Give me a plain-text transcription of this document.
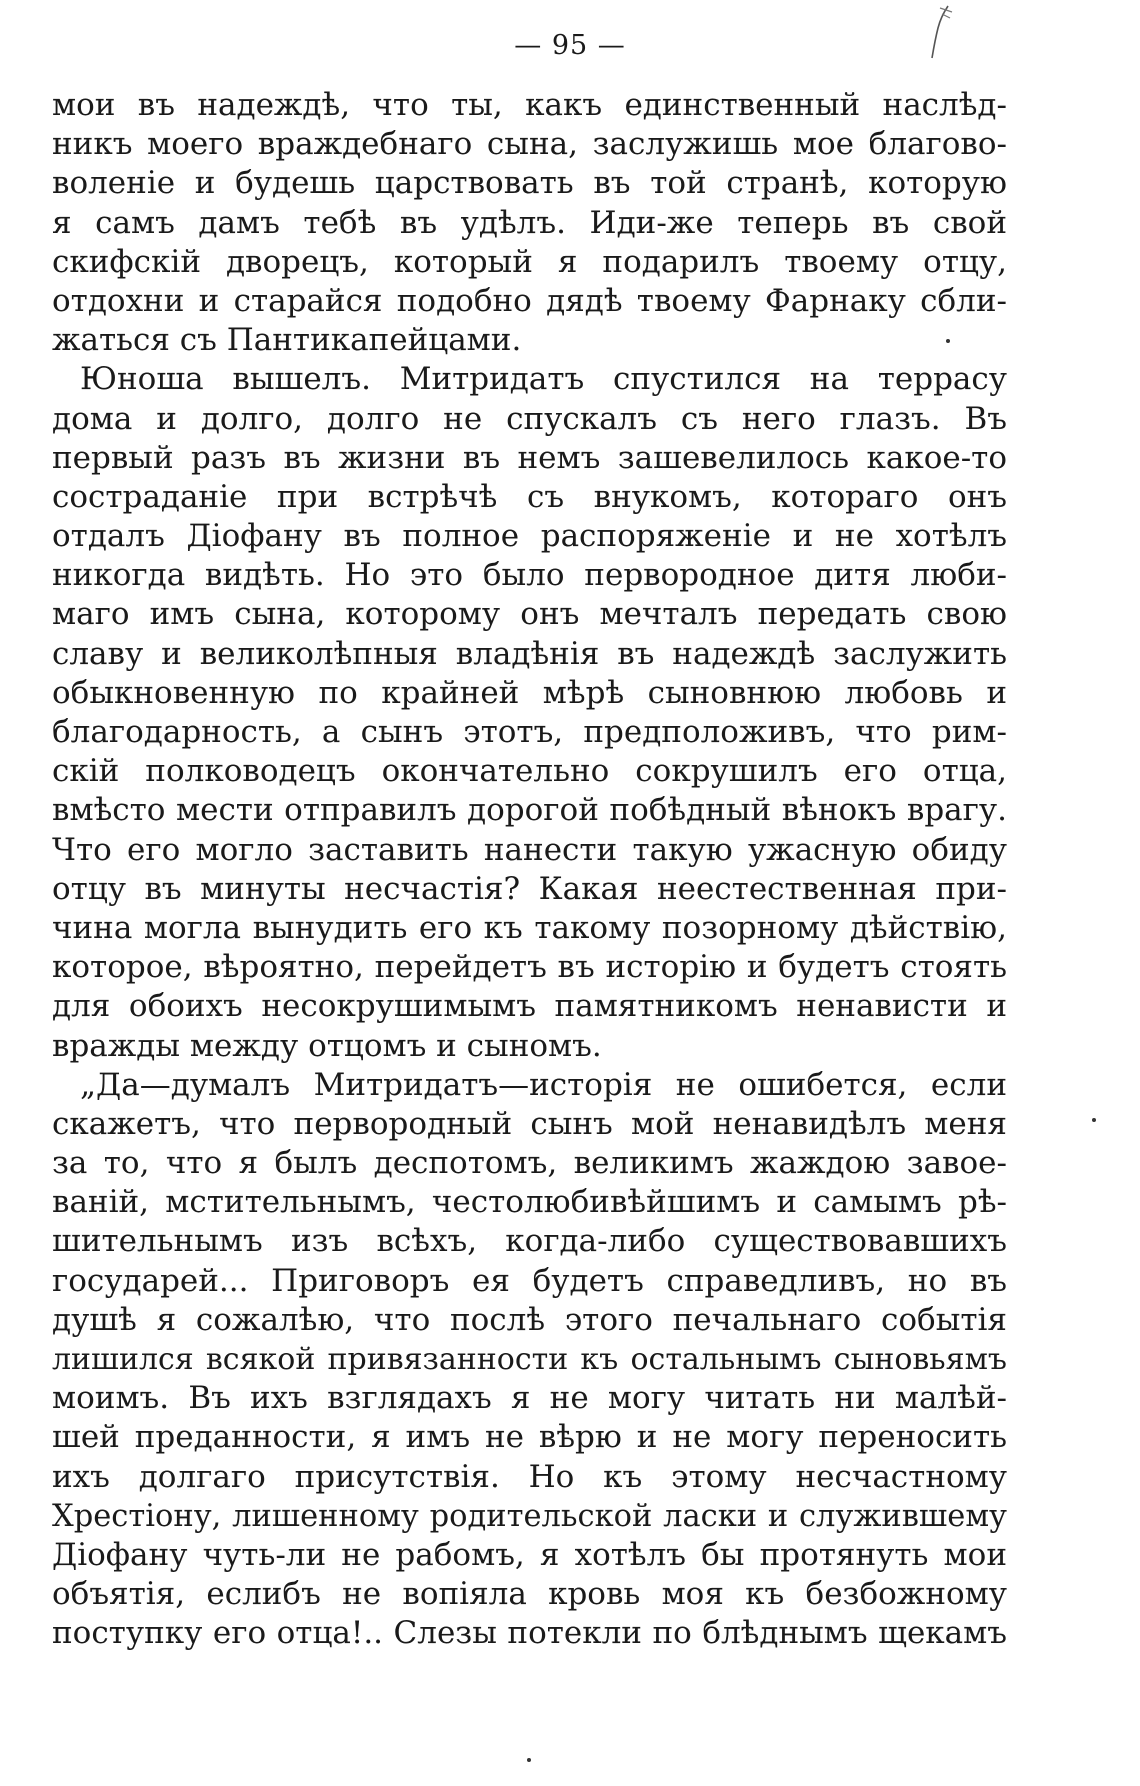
— 95 —
мои въ надеждѣ, что ты, какъ единственный наслѣд-
никъ моего враждебнаго сына, заслужишь мое благово-
воленіе и будешь царствовать въ той странѣ, которую
я самъ дамъ тебѣ въ удѣлъ. Иди-же теперь въ свой
скифскій дворецъ, который я подарилъ твоему отцу,
отдохни и старайся подобно дядѣ твоему Фарнаку сбли-
жаться съ Пантикапейцами.
Юноша вышелъ. Митридатъ спустился на террасу
дома и долго, долго не спускалъ съ него глазъ. Въ
первый разъ въ жизни въ немъ зашевелилось какое-то
состраданіе при встрѣчѣ съ внукомъ, котораго онъ
отдалъ Діофану въ полное распоряженіе и не хотѣлъ
никогда видѣть. Но это было первородное дитя люби-
маго имъ сына, которому онъ мечталъ передать свою
славу и великолѣпныя владѣнія въ надеждѣ заслужить
обыкновенную по крайней мѣрѣ сыновнюю любовь и
благодарность, а сынъ этотъ, предположивъ, что рим-
скій полководецъ окончательно сокрушилъ его отца,
вмѣсто мести отправилъ дорогой побѣдный вѣнокъ врагу.
Что его могло заставить нанести такую ужасную обиду
отцу въ минуты несчастія? Какая неестественная при-
чина могла вынудить его къ такому позорному дѣйствію,
которое, вѣроятно, перейдетъ въ исторію и будетъ стоять
для обоихъ несокрушимымъ памятникомъ ненависти и
вражды между отцомъ и сыномъ.
„Да—думалъ Митридатъ—исторія не ошибется, если
скажетъ, что первородный сынъ мой ненавидѣлъ меня
за то, что я былъ деспотомъ, великимъ жаждою завое-
ваній, мстительнымъ, честолюбивѣйшимъ и самымъ рѣ-
шительнымъ изъ всѣхъ, когда-либо существовавшихъ
государей... Приговоръ ея будетъ справедливъ, но въ
душѣ я сожалѣю, что послѣ этого печальнаго событія
лишился всякой привязанности къ остальнымъ сыновьямъ
моимъ. Въ ихъ взглядахъ я не могу читать ни малѣй-
шей преданности, я имъ не вѣрю и не могу переносить
ихъ долгаго присутствія. Но къ этому несчастному
Хрестіону, лишенному родительской ласки и служившему
Діофану чуть-ли не рабомъ, я хотѣлъ бы протянуть мои
объятія, еслибъ не вопіяла кровь моя къ безбожному
поступку его отца!.. Слезы потекли по блѣднымъ щекамъ
